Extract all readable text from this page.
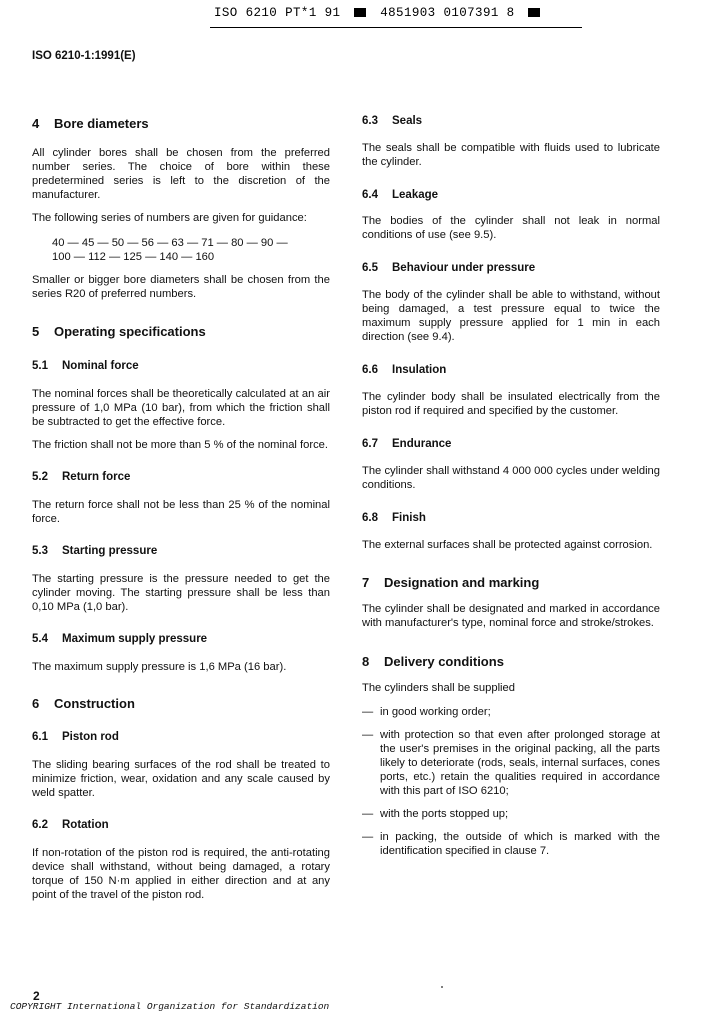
ISO 6210 PT*1 91	4851903 0107391 8
ISO 6210-1:1991(E)
4 Bore diameters

All cylinder bores shall be chosen from the preferred number series. The choice of bore within these predetermined series is left to the discretion of the manufacturer.

The following series of numbers are given for guidance:

40 — 45 — 50 — 56 — 63 — 71 — 80 — 90 —
100 — 112 — 125 — 140 — 160

Smaller or bigger bore diameters shall be chosen from the series R20 of preferred numbers.

5 Operating specifications
5.1 Nominal force

The nominal forces shall be theoretically calculated at an air pressure of 1,0 MPa (10 bar), from which the friction shall be subtracted to get the effective force.

The friction shall not be more than 5 % of the nominal force.

5.2 Return force

The return force shall not be less than 25 % of the nominal force.

5.3 Starting pressure

The starting pressure is the pressure needed to get the cylinder moving. The starting pressure shall be less than 0,10 MPa (1,0 bar).

5.4 Maximum supply pressure

The maximum supply pressure is 1,6 MPa (16 bar).

6 Construction
6.1 Piston rod

The sliding bearing surfaces of the rod shall be treated to minimize friction, wear, oxidation and any scale caused by weld spatter.

6.2 Rotation

If non-rotation of the piston rod is required, the anti-rotating device shall withstand, without being damaged, a rotary torque of 150 N·m applied in either direction and at any point of the travel of the piston rod.

6.3 Seals

The seals shall be compatible with fluids used to lubricate the cylinder.

6.4 Leakage

The bodies of the cylinder shall not leak in normal conditions of use (see 9.5).

6.5 Behaviour under pressure

The body of the cylinder shall be able to withstand, without being damaged, a test pressure equal to twice the maximum supply pressure applied for 1 min in each direction (see 9.4).

6.6 Insulation

The cylinder body shall be insulated electrically from the piston rod if required and specified by the customer.

6.7 Endurance

The cylinder shall withstand 4 000 000 cycles under welding conditions.

6.8 Finish

The external surfaces shall be protected against corrosion.

7 Designation and marking

The cylinder shall be designated and marked in accordance with manufacturer's type, nominal force and stroke/strokes.

8 Delivery conditions

The cylinders shall be supplied

— in good working order;
— with protection so that even after prolonged storage at the user's premises in the original packing, all the parts likely to deteriorate (rods, seals, internal surfaces, cones ports, etc.) retain the qualities required in accordance with this part of ISO 6210;
— with the ports stopped up;
— in packing, the outside of which is marked with the identification specified in clause 7.
2
COPYRIGHT International Organization for Standardization
